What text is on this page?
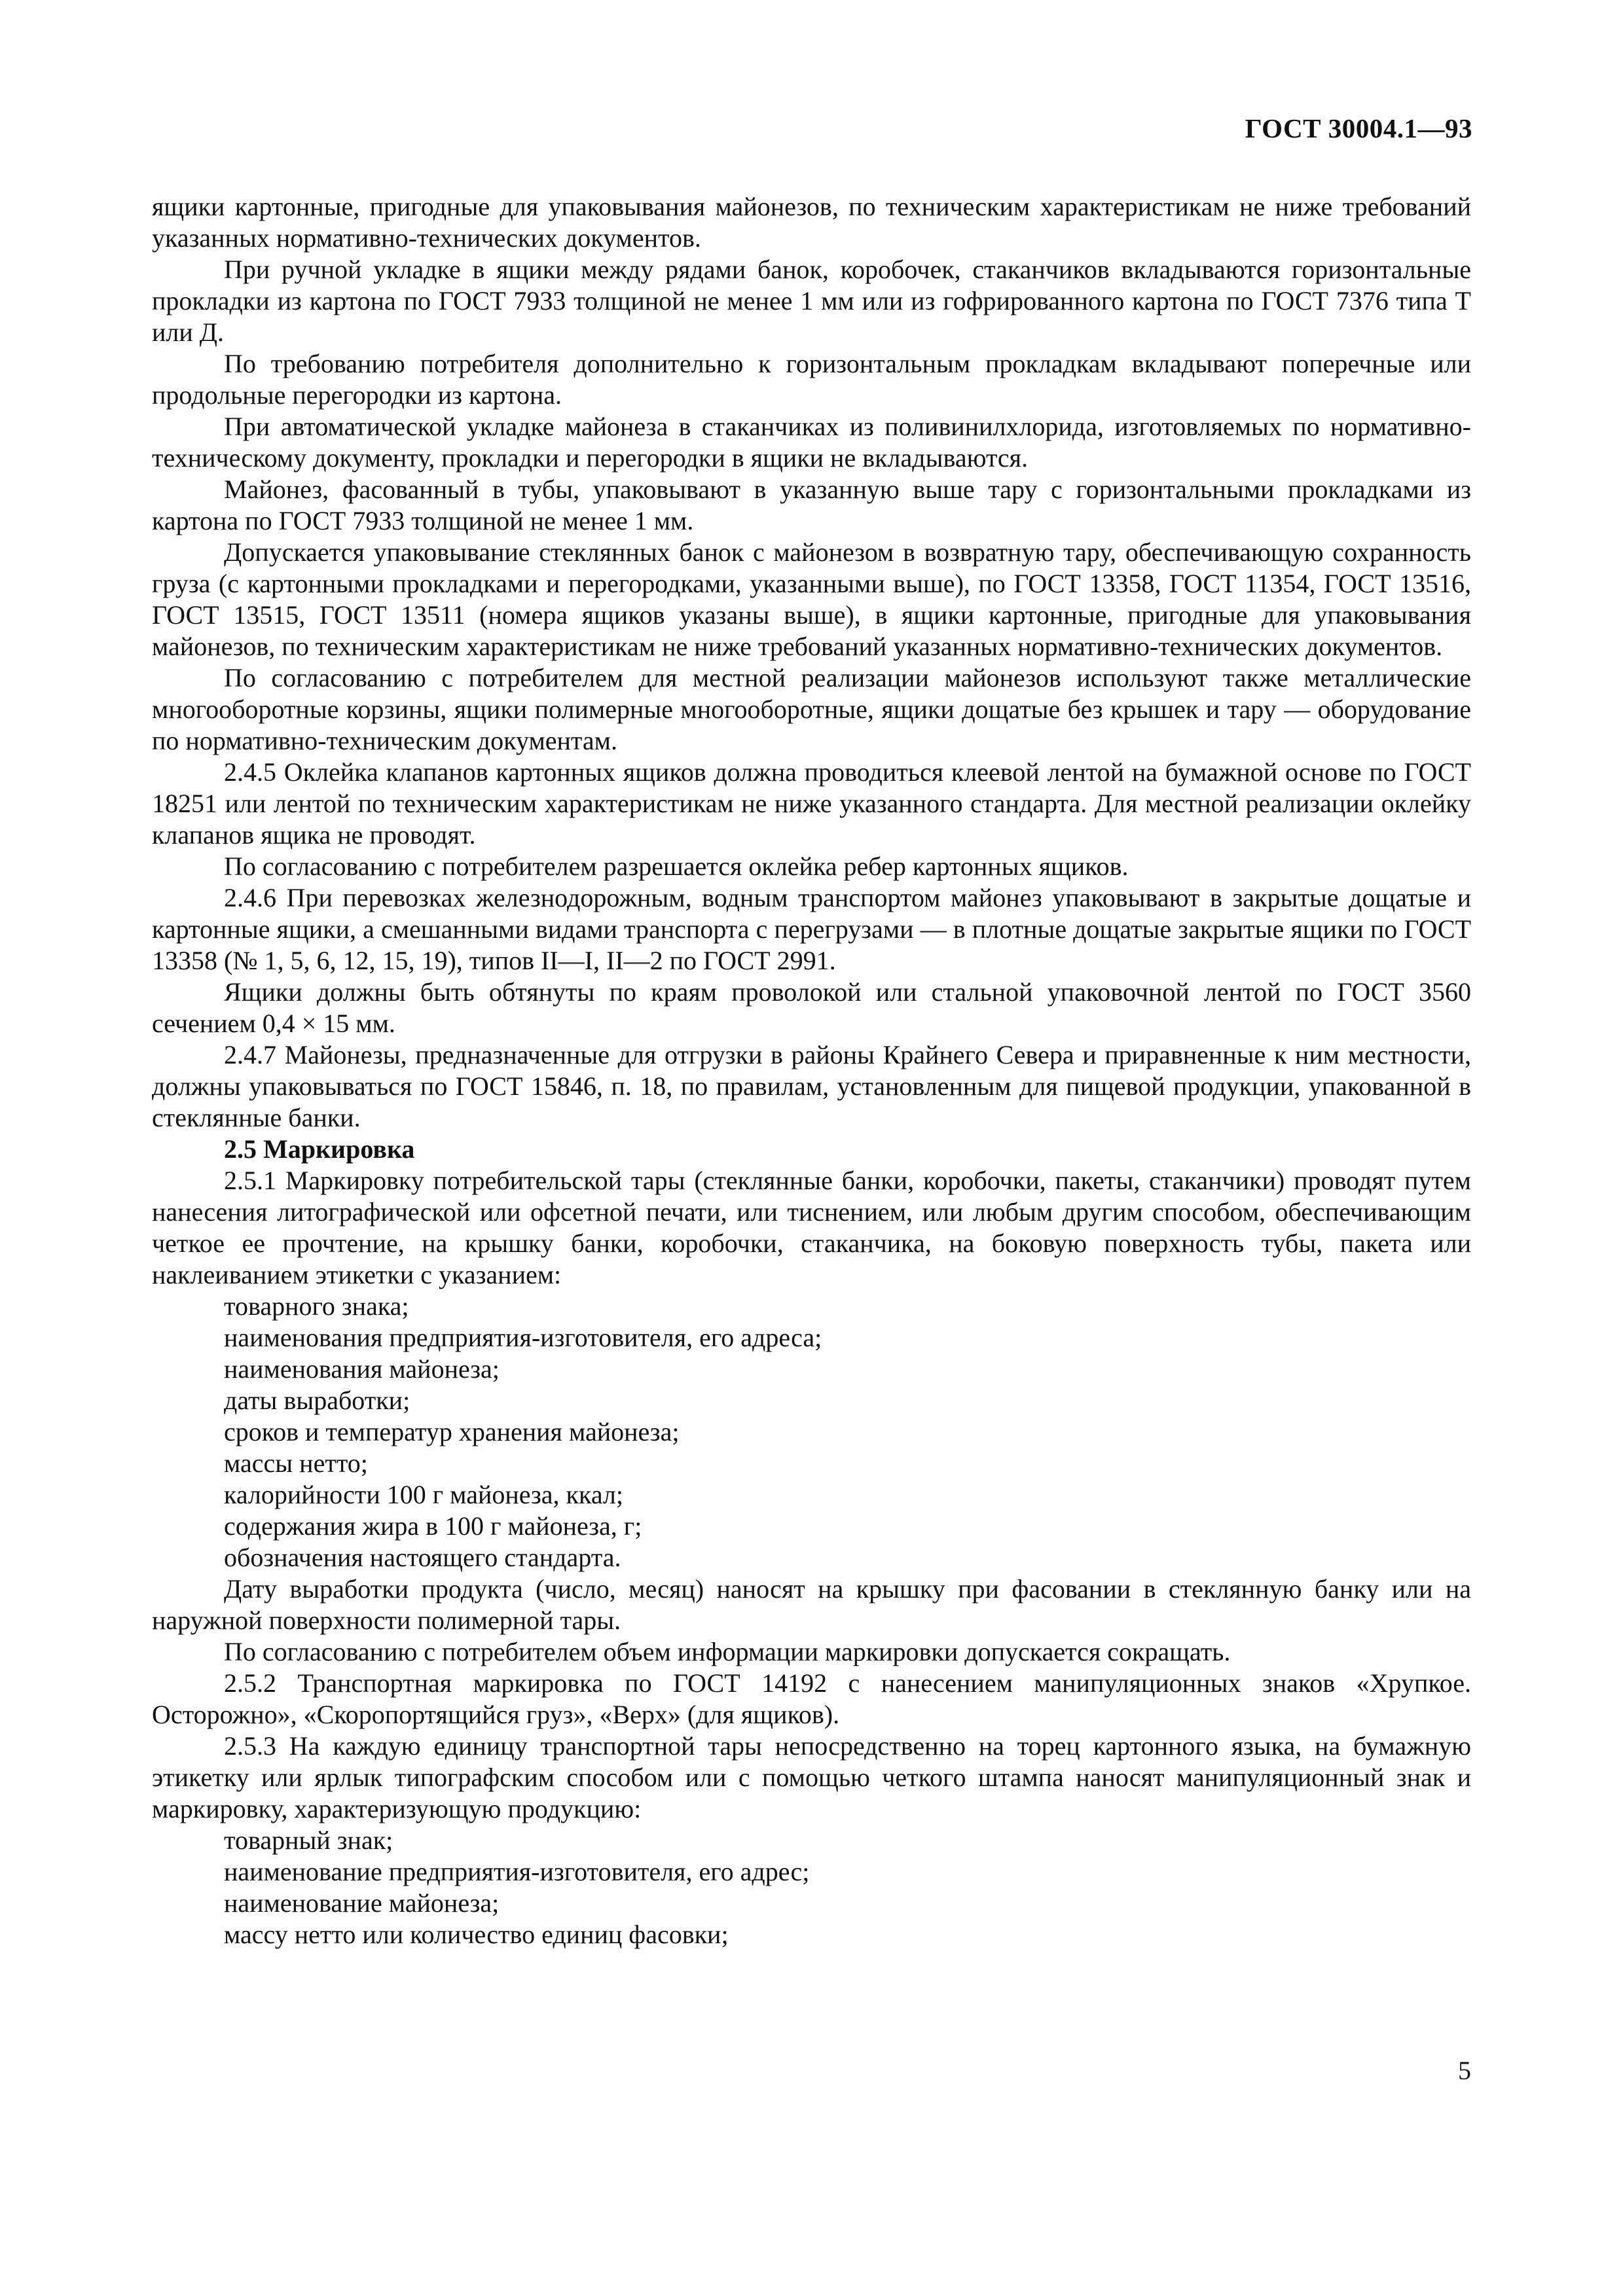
ГОСТ 30004.1—93

ящики картонные, пригодные для упаковывания майонезов, по техническим характеристикам не ниже требований указанных нормативно-технических документов.

При ручной укладке в ящики между рядами банок, коробочек, стаканчиков вкладываются горизонтальные прокладки из картона по ГОСТ 7933 толщиной не менее 1 мм или из гофрированного картона по ГОСТ 7376 типа Т или Д.

По требованию потребителя дополнительно к горизонтальным прокладкам вкладывают поперечные или продольные перегородки из картона.

При автоматической укладке майонеза в стаканчиках из поливинилхлорида, изготовляемых по нормативно-техническому документу, прокладки и перегородки в ящики не вкладываются.

Майонез, фасованный в тубы, упаковывают в указанную выше тару с горизонтальными прокладками из картона по ГОСТ 7933 толщиной не менее 1 мм.

Допускается упаковывание стеклянных банок с майонезом в возвратную тару, обеспечивающую сохранность груза (с картонными прокладками и перегородками, указанными выше), по ГОСТ 13358, ГОСТ 11354, ГОСТ 13516, ГОСТ 13515, ГОСТ 13511 (номера ящиков указаны выше), в ящики картонные, пригодные для упаковывания майонезов, по техническим характеристикам не ниже требований указанных нормативно-технических документов.

По согласованию с потребителем для местной реализации майонезов используют также металлические многооборотные корзины, ящики полимерные многооборотные, ящики дощатые без крышек и тару — оборудование по нормативно-техническим документам.

2.4.5 Оклейка клапанов картонных ящиков должна проводиться клеевой лентой на бумажной основе по ГОСТ 18251 или лентой по техническим характеристикам не ниже указанного стандарта. Для местной реализации оклейку клапанов ящика не проводят.

По согласованию с потребителем разрешается оклейка ребер картонных ящиков.

2.4.6 При перевозках железнодорожным, водным транспортом майонез упаковывают в закрытые дощатые и картонные ящики, а смешанными видами транспорта с перегрузами — в плотные дощатые закрытые ящики по ГОСТ 13358 (№ 1, 5, 6, 12, 15, 19), типов II—I, II—2 по ГОСТ 2991.

Ящики должны быть обтянуты по краям проволокой или стальной упаковочной лентой по ГОСТ 3560 сечением 0,4 × 15 мм.

2.4.7 Майонезы, предназначенные для отгрузки в районы Крайнего Севера и приравненные к ним местности, должны упаковываться по ГОСТ 15846, п. 18, по правилам, установленным для пищевой продукции, упакованной в стеклянные банки.

2.5 Маркировка

2.5.1 Маркировку потребительской тары (стеклянные банки, коробочки, пакеты, стаканчики) проводят путем нанесения литографической или офсетной печати, или тиснением, или любым другим способом, обеспечивающим четкое ее прочтение, на крышку банки, коробочки, стаканчика, на боковую поверхность тубы, пакета или наклеиванием этикетки с указанием:

товарного знака;

наименования предприятия-изготовителя, его адреса;

наименования майонеза;

даты выработки;

сроков и температур хранения майонеза;

массы нетто;

калорийности 100 г майонеза, ккал;

содержания жира в 100 г майонеза, г;

обозначения настоящего стандарта.

Дату выработки продукта (число, месяц) наносят на крышку при фасовании в стеклянную банку или на наружной поверхности полимерной тары.

По согласованию с потребителем объем информации маркировки допускается сокращать.

2.5.2 Транспортная маркировка по ГОСТ 14192 с нанесением манипуляционных знаков «Хрупкое. Осторожно», «Скоропортящийся груз», «Верх» (для ящиков).

2.5.3 На каждую единицу транспортной тары непосредственно на торец картонного языка, на бумажную этикетку или ярлык типографским способом или с помощью четкого штампа наносят манипуляционный знак и маркировку, характеризующую продукцию:

товарный знак;

наименование предприятия-изготовителя, его адрес;

наименование майонеза;

массу нетто или количество единиц фасовки;

5
